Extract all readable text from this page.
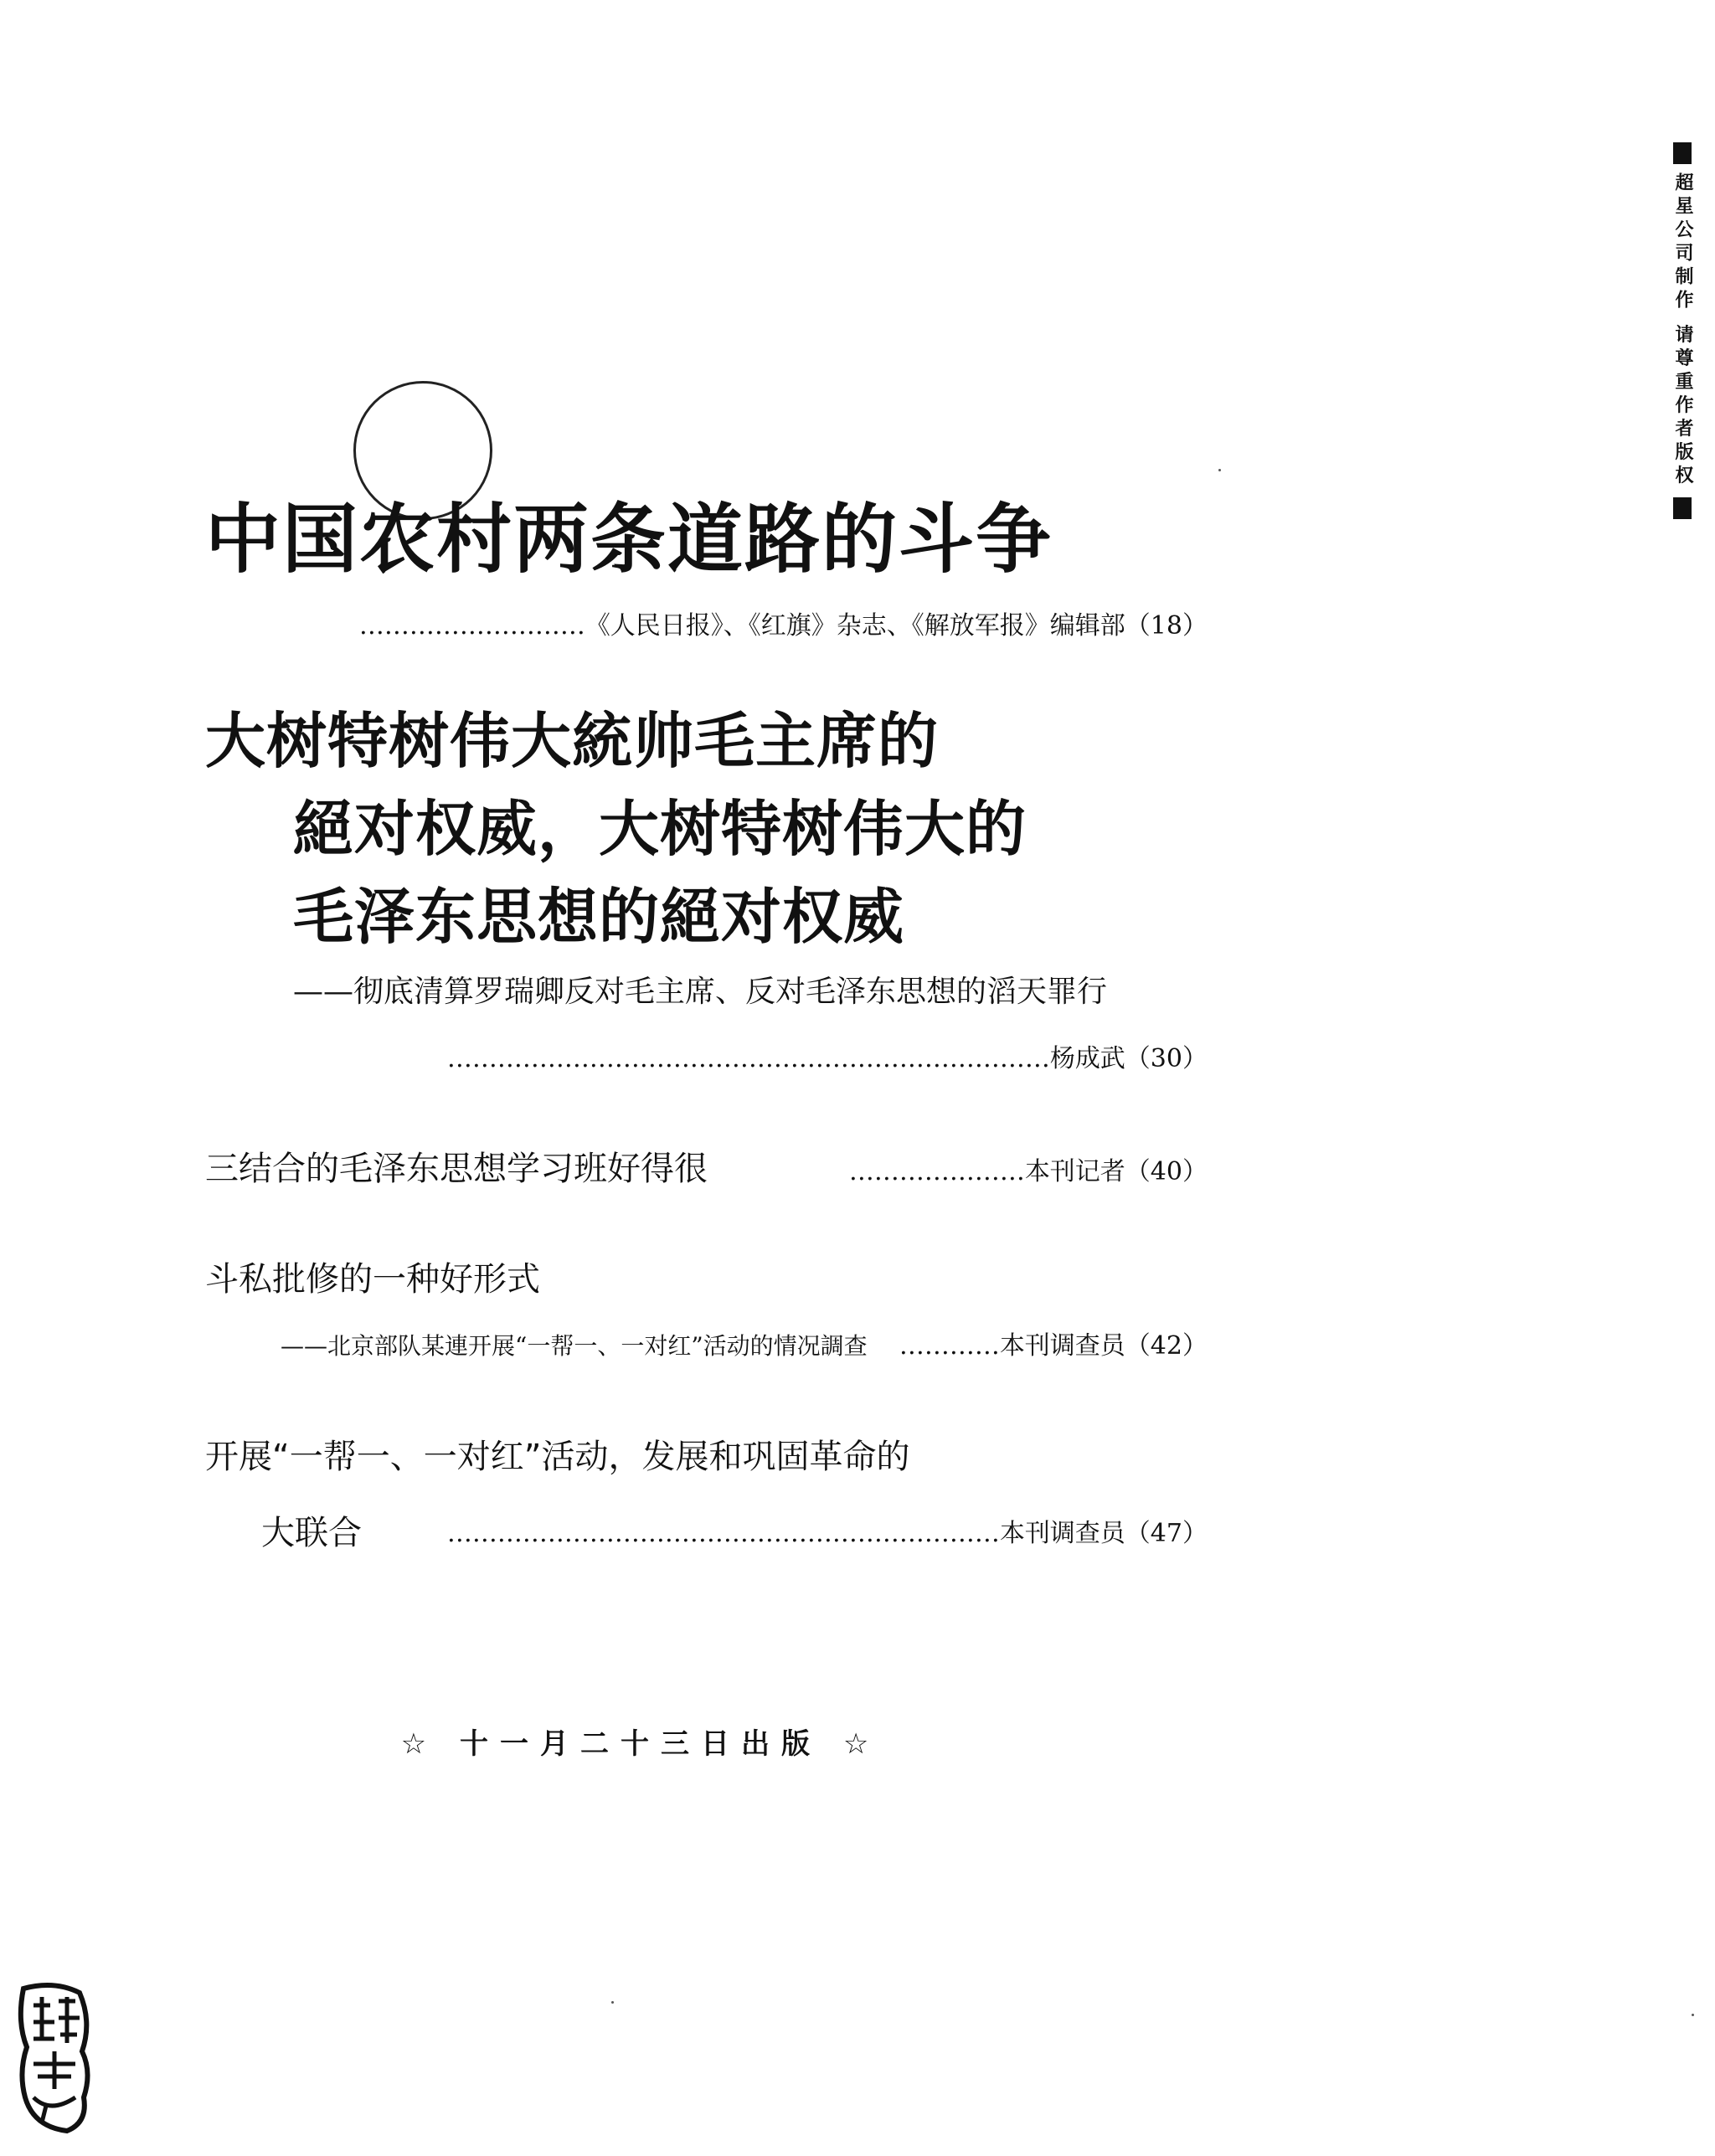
中国农村两条道路的斗争
………………………《人民日报》、《红旗》杂志、《解放军报》编辑部（18）
大树特树伟大統帅毛主席的
絕对权威，大树特树伟大的
毛泽东思想的絕对权威
——彻底清算罗瑞卿反对毛主席、反对毛泽东思想的滔天罪行
………………………………………………………………杨成武（30）
三结合的毛泽东思想学习班好得很	…………………本刊记者（40）
斗私批修的一种好形式
——北京部队某連开展“一帮一、一对红”活动的情况調查 …………本刊调查员（42）
开展“一帮一、一对红”活动，发展和巩固革命的
大联合	…………………………………………………………本刊调查员（47）
☆ 十一月二十三日出版 ☆
超星公司制作 请尊重作者版权
